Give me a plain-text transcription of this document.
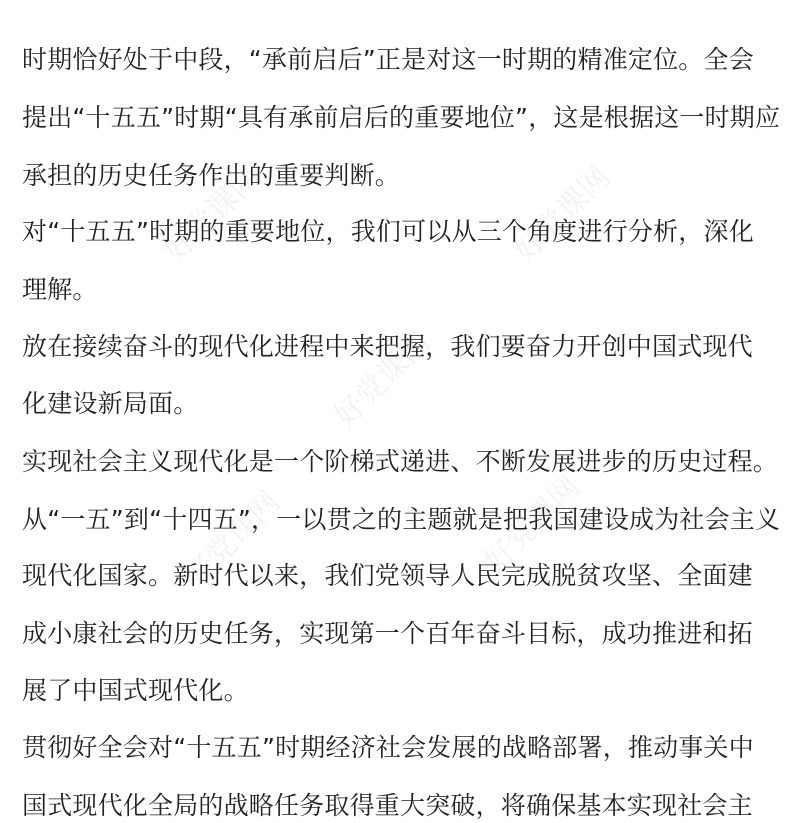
好党课网	好党课网
好党课网
好党课网	好党课网
时期恰好处于中段，“承前启后”正是对这一时期的精准定位。全会
提出“十五五”时期“具有承前启后的重要地位”，这是根据这一时期应
承担的历史任务作出的重要判断。
对“十五五”时期的重要地位，我们可以从三个角度进行分析，深化
理解。
放在接续奋斗的现代化进程中来把握，我们要奋力开创中国式现代
化建设新局面。
实现社会主义现代化是一个阶梯式递进、不断发展进步的历史过程。
从“一五”到“十四五”，一以贯之的主题就是把我国建设成为社会主义
现代化国家。新时代以来，我们党领导人民完成脱贫攻坚、全面建
成小康社会的历史任务，实现第一个百年奋斗目标，成功推进和拓
展了中国式现代化。
贯彻好全会对“十五五”时期经济社会发展的战略部署，推动事关中
国式现代化全局的战略任务取得重大突破，将确保基本实现社会主
